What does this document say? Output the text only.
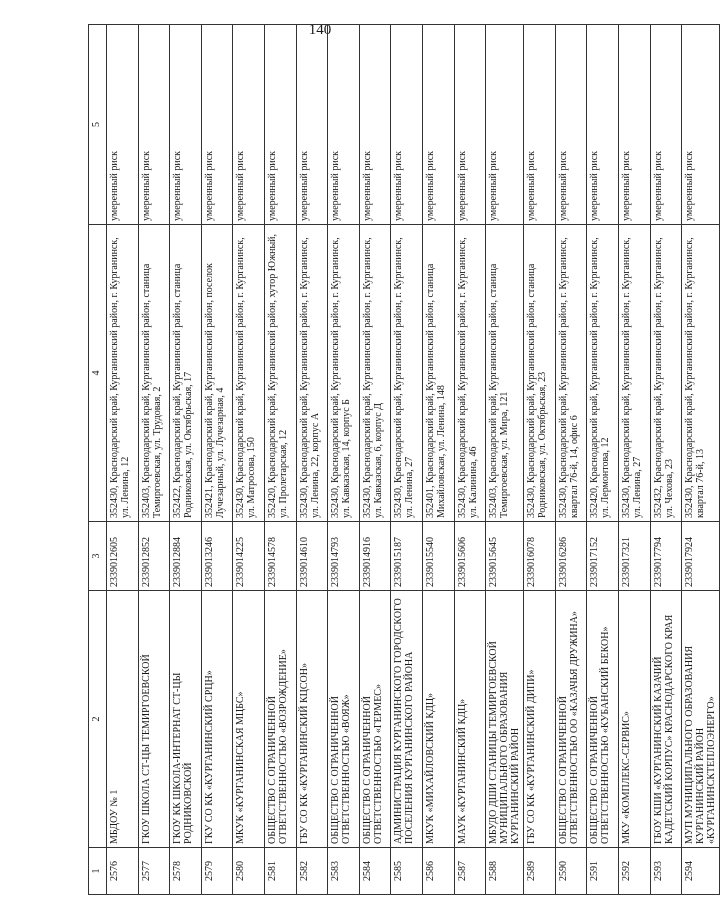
140
1	2	3	4	5
2576	МБДОУ № 1	2339012605	352430, Краснодарский край, Курганинский район, г. Курганинск, ул. Ленина, 12	умеренный риск
2577	ГКОУ ШКОЛА СТ-ЦЫ ТЕМИРГОЕВСКОЙ	2339012852	352403, Краснодарский край, Курганинский район, станица Темиргоевская, ул. Трудовая, 2	умеренный риск
2578	ГКОУ КК ШКОЛА-ИНТЕРНАТ СТ-ЦЫ РОДНИКОВСКОЙ	2339012884	352422, Краснодарский край, Курганинский район, станица Родниковская, ул. Октябрьская, 17	умеренный риск
2579	ГКУ СО КК «КУРГАНИНСКИЙ СРЦН»	2339013246	352421, Краснодарский край, Курганинский район, поселок Лучезарный, ул. Лучезарная, 4	умеренный риск
2580	МКУК «КУРГАНИНСКАЯ МЦБС»	2339014225	352430, Краснодарский край, Курганинский район, г. Курганинск, ул. Матросова, 150	умеренный риск
2581	ОБЩЕСТВО С ОГРАНИЧЕННОЙ ОТВЕТСТВЕННОСТЬЮ «ВОЗРОЖДЕНИЕ»	2339014578	352420, Краснодарский край, Курганинский район, хутор Южный, ул. Пролетарская, 12	умеренный риск
2582	ГБУ СО КК «КУРГАНИНСКИЙ КЦСОН»	2339014610	352430, Краснодарский край, Курганинский район, г. Курганинск, ул. Ленина, 22, корпус А	умеренный риск
2583	ОБЩЕСТВО С ОГРАНИЧЕННОЙ ОТВЕТСТВЕННОСТЬЮ «ВОЯЖ»	2339014793	352430, Краснодарский край, Курганинский район, г. Курганинск, ул. Кавказская, 14, корпус Б	умеренный риск
2584	ОБЩЕСТВО С ОГРАНИЧЕННОЙ ОТВЕТСТВЕННОСТЬЮ «ГЕРМЕС»	2339014916	352430, Краснодарский край, Курганинский район, г. Курганинск, ул. Кавказская, 6, корпус Д	умеренный риск
2585	АДМИНИСТРАЦИЯ КУРГАНИНСКОГО ГОРОДСКОГО ПОСЕЛЕНИЯ КУРГАНИНСКОГО РАЙОНА	2339015187	352430, Краснодарский край, Курганинский район, г. Курганинск, ул. Ленина, 27	умеренный риск
2586	МКУК «МИХАЙЛОВСКИЙ КДЦ»	2339015540	352401, Краснодарский край, Курганинский район, станица Михайловская, ул. Ленина, 148	умеренный риск
2587	МАУК «КУРГАНИНСКИЙ КДЦ»	2339015606	352430, Краснодарский край, Курганинский район, г. Курганинск, ул. Калинина, 46	умеренный риск
2588	МБУДО ДШИ СТАНИЦЫ ТЕМИРГОЕВСКОЙ МУНИЦИПАЛЬНОГО ОБРАЗОВАНИЯ КУРГАНИНСКИЙ РАЙОН	2339015645	352403, Краснодарский край, Курганинский район, станица Темиргоевская, ул. Мира, 121	умеренный риск
2589	ГБУ СО КК «КУРГАНИНСКИЙ ДИПИ»	2339016078	352430, Краснодарский край, Курганинский район, станица Родниковская, ул. Октябрьская, 23	умеренный риск
2590	ОБЩЕСТВО С ОГРАНИЧЕННОЙ ОТВЕТСТВЕННОСТЬЮ ОО «КАЗАЧЬЯ ДРУЖИНА»	2339016286	352430, Краснодарский край, Курганинский район, г. Курганинск, квартал 76-й, 14, офис 6	умеренный риск
2591	ОБЩЕСТВО С ОГРАНИЧЕННОЙ ОТВЕТСТВЕННОСТЬЮ «КУБАНСКИЙ БЕКОН»	2339017152	352420, Краснодарский край, Курганинский район, г. Курганинск, ул. Лермонтова, 12	умеренный риск
2592	МКУ «КОМПЛЕКС-СЕРВИС»	2339017321	352430, Краснодарский край, Курганинский район, г. Курганинск, ул. Ленина, 27	умеренный риск
2593	ГБОУ КШИ «КУРГАНИНСКИЙ КАЗАЧИЙ КАДЕТСКИЙ КОРПУС» КРАСНОДАРСКОГО КРАЯ	2339017794	352432, Краснодарский край, Курганинский район, г. Курганинск, ул. Чехова, 23	умеренный риск
2594	МУП МУНИЦИПАЛЬНОГО ОБРАЗОВАНИЯ КУРГАНИНСКИЙ РАЙОН «КУРГАНИНСКТЕПЛОЭНЕРГО»	2339017924	352430, Краснодарский край, Курганинский район, г. Курганинск, квартал 76-й, 13	умеренный риск
